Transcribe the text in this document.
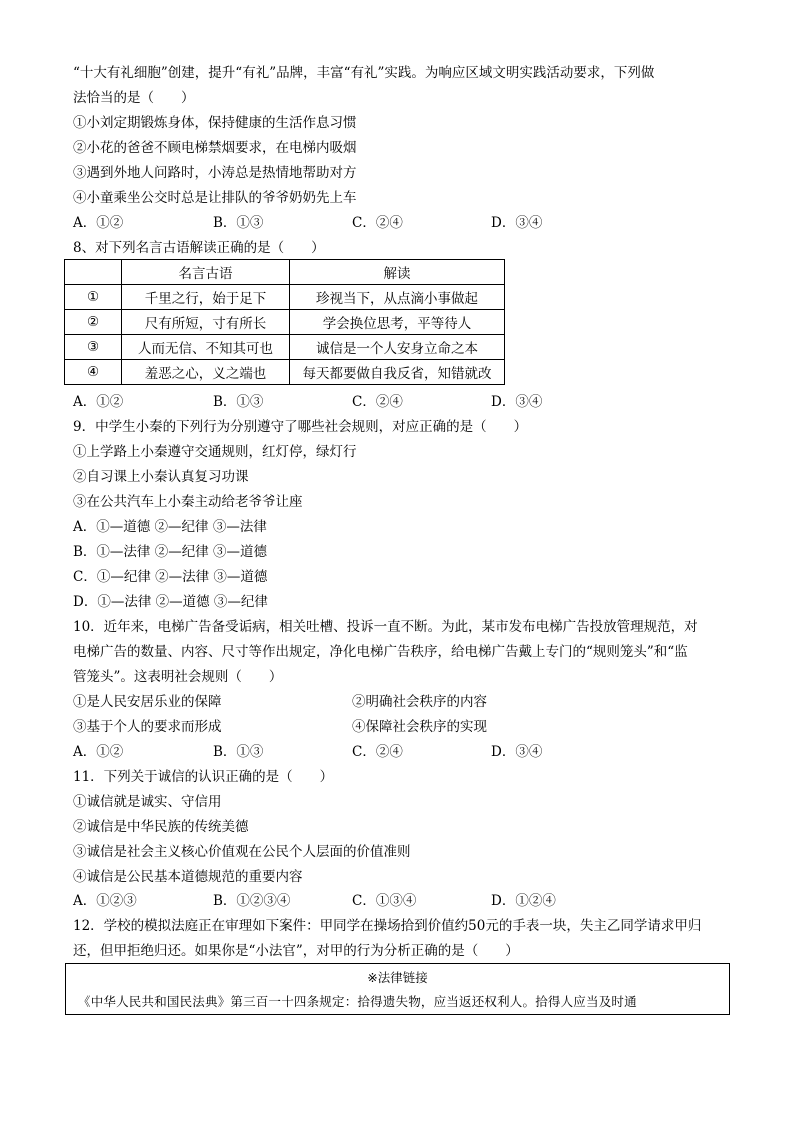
“十大有礼细胞”创建，提升“有礼”品牌，丰富“有礼”实践。为响应区域文明实践活动要求，下列做
法恰当的是（　　）
①小刘定期锻炼身体，保持健康的生活作息习惯
②小花的爸爸不顾电梯禁烟要求，在电梯内吸烟
③遇到外地人问路时，小涛总是热情地帮助对方
④小童乘坐公交时总是让排队的爷爷奶奶先上车
A．①②	B．①③	C．②④	D．③④
8、对下列名言古语解读正确的是（　　）
	名言古语	解读
①	千里之行，始于足下	珍视当下，从点滴小事做起
②	尺有所短，寸有所长	学会换位思考，平等待人
③	人而无信、不知其可也	诚信是一个人安身立命之本
④	羞恶之心，义之端也	每天都要做自我反省，知错就改
A．①②	B．①③	C．②④	D．③④
9．中学生小秦的下列行为分别遵守了哪些社会规则，对应正确的是（　　）
①上学路上小秦遵守交通规则，红灯停，绿灯行
②自习课上小秦认真复习功课
③在公共汽车上小秦主动给老爷爷让座
A．①—道德 ②—纪律 ③—法律
B．①—法律 ②—纪律 ③—道德
C．①—纪律 ②—法律 ③—道德
D．①—法律 ②—道德 ③—纪律
10．近年来，电梯广告备受诟病，相关吐槽、投诉一直不断。为此，某市发布电梯广告投放管理规范，对
电梯广告的数量、内容、尺寸等作出规定，净化电梯广告秩序，给电梯广告戴上专门的“规则笼头”和“监
管笼头”。这表明社会规则（　　）
①是人民安居乐业的保障	②明确社会秩序的内容
③基于个人的要求而形成	④保障社会秩序的实现
A．①②	B．①③	C．②④	D．③④
11．下列关于诚信的认识正确的是（　　）
①诚信就是诚实、守信用
②诚信是中华民族的传统美德
③诚信是社会主义核心价值观在公民个人层面的价值准则
④诚信是公民基本道德规范的重要内容
A．①②③	B．①②③④	C．①③④	D．①②④
12．学校的模拟法庭正在审理如下案件：甲同学在操场拾到价值约50元的手表一块，失主乙同学请求甲归
还，但甲拒绝归还。如果你是“小法官”，对甲的行为分析正确的是（　　）
※法律链接
《中华人民共和国民法典》第三百一十四条规定：拾得遗失物，应当返还权利人。拾得人应当及时通
